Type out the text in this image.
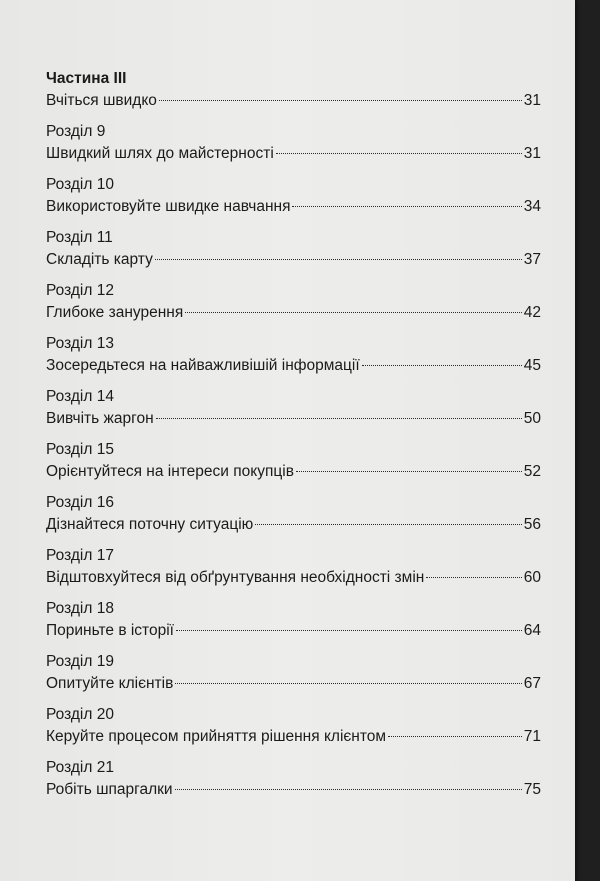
Частина III
Вчіться швидко	31
Розділ 9
Швидкий шлях до майстерності	31
Розділ 10
Використовуйте швидке навчання	34
Розділ 11
Складіть карту	37
Розділ 12
Глибоке занурення	42
Розділ 13
Зосередьтеся на найважливішій інформації	45
Розділ 14
Вивчіть жаргон	50
Розділ 15
Орієнтуйтеся на інтереси покупців	52
Розділ 16
Дізнайтеся поточну ситуацію	56
Розділ 17
Відштовхуйтеся від обґрунтування необхідності змін	60
Розділ 18
Пориньте в історії	64
Розділ 19
Опитуйте клієнтів	67
Розділ 20
Керуйте процесом прийняття рішення клієнтом	71
Розділ 21
Робіть шпаргалки	75
